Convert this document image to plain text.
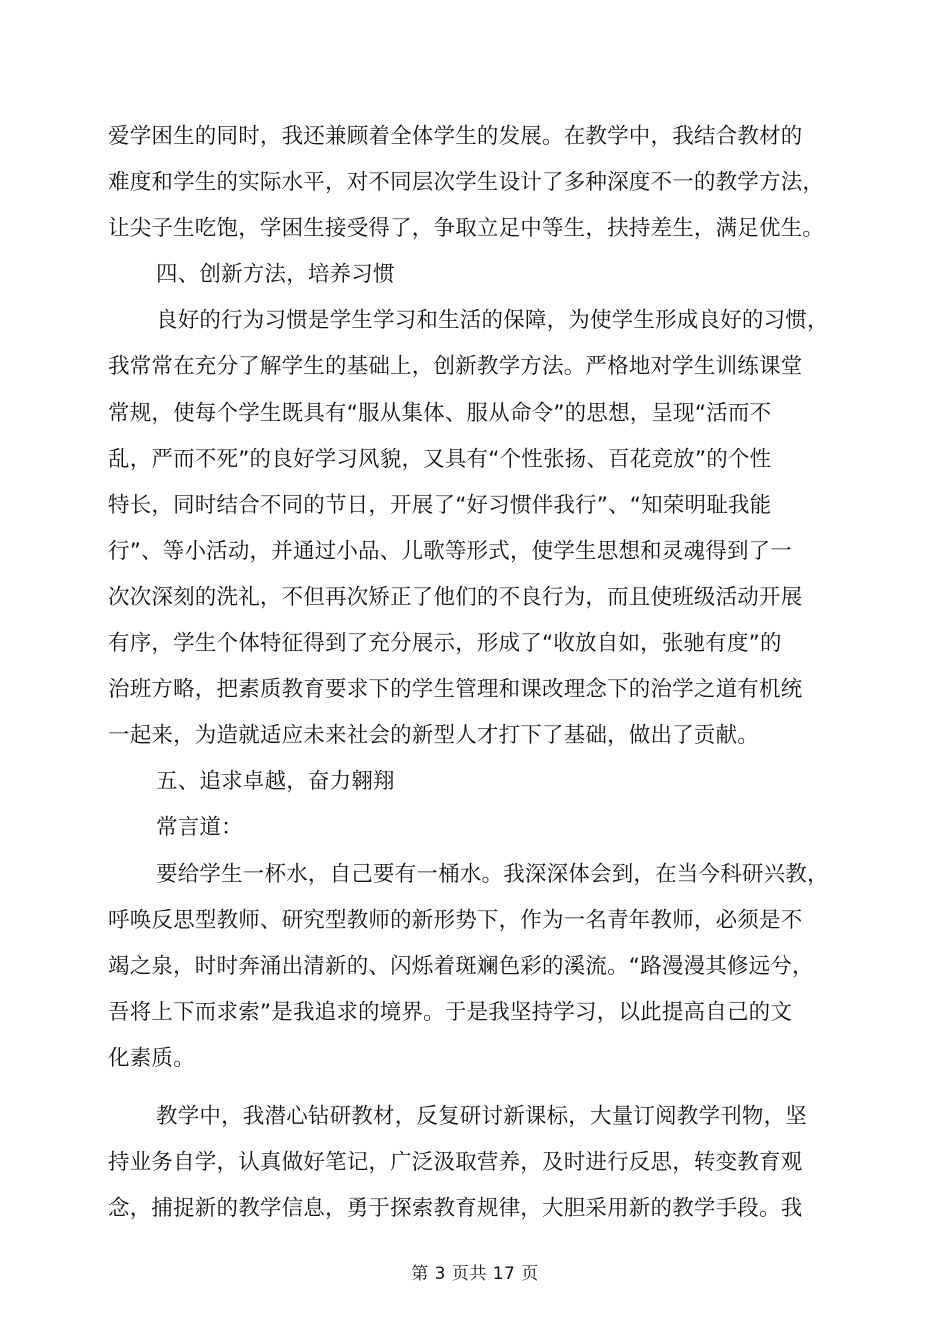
爱学困生的同时，我还兼顾着全体学生的发展。在教学中，我结合教材的
难度和学生的实际水平，对不同层次学生设计了多种深度不一的教学方法，
让尖子生吃饱，学困生接受得了，争取立足中等生，扶持差生，满足优生。
四、创新方法，培养习惯
良好的行为习惯是学生学习和生活的保障，为使学生形成良好的习惯，
我常常在充分了解学生的基础上，创新教学方法。严格地对学生训练课堂
常规，使每个学生既具有“服从集体、服从命令”的思想，呈现“活而不
乱，严而不死”的良好学习风貌，又具有“个性张扬、百花竞放”的个性
特长，同时结合不同的节日，开展了“好习惯伴我行”、“知荣明耻我能
行”、等小活动，并通过小品、儿歌等形式，使学生思想和灵魂得到了一
次次深刻的洗礼，不但再次矫正了他们的不良行为，而且使班级活动开展
有序，学生个体特征得到了充分展示，形成了“收放自如，张驰有度”的
治班方略，把素质教育要求下的学生管理和课改理念下的治学之道有机统
一起来，为造就适应未来社会的新型人才打下了基础，做出了贡献。
五、追求卓越，奋力翱翔
常言道：
要给学生一杯水，自己要有一桶水。我深深体会到，在当今科研兴教，
呼唤反思型教师、研究型教师的新形势下，作为一名青年教师，必须是不
竭之泉，时时奔涌出清新的、闪烁着斑斓色彩的溪流。“路漫漫其修远兮，
吾将上下而求索”是我追求的境界。于是我坚持学习，以此提高自己的文
化素质。
教学中，我潜心钻研教材，反复研讨新课标，大量订阅教学刊物，坚
持业务自学，认真做好笔记，广泛汲取营养，及时进行反思，转变教育观
念，捕捉新的教学信息，勇于探索教育规律，大胆采用新的教学手段。我
第 3 页共 17 页
